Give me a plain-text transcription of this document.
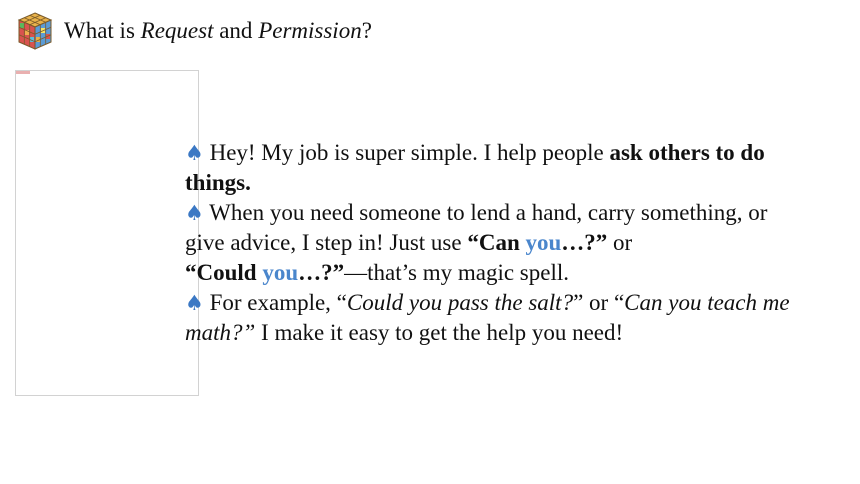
What is Request and Permission?

♠ Hey! My job is super simple. I help people ask others to do things.

♠ When you need someone to lend a hand, carry something, or give advice, I step in! Just use “Can you…?” or
“Could you…?”—that’s my magic spell.

♠ For example, “Could you pass the salt?” or “Can you teach me math?” I make it easy to get the help you need!
